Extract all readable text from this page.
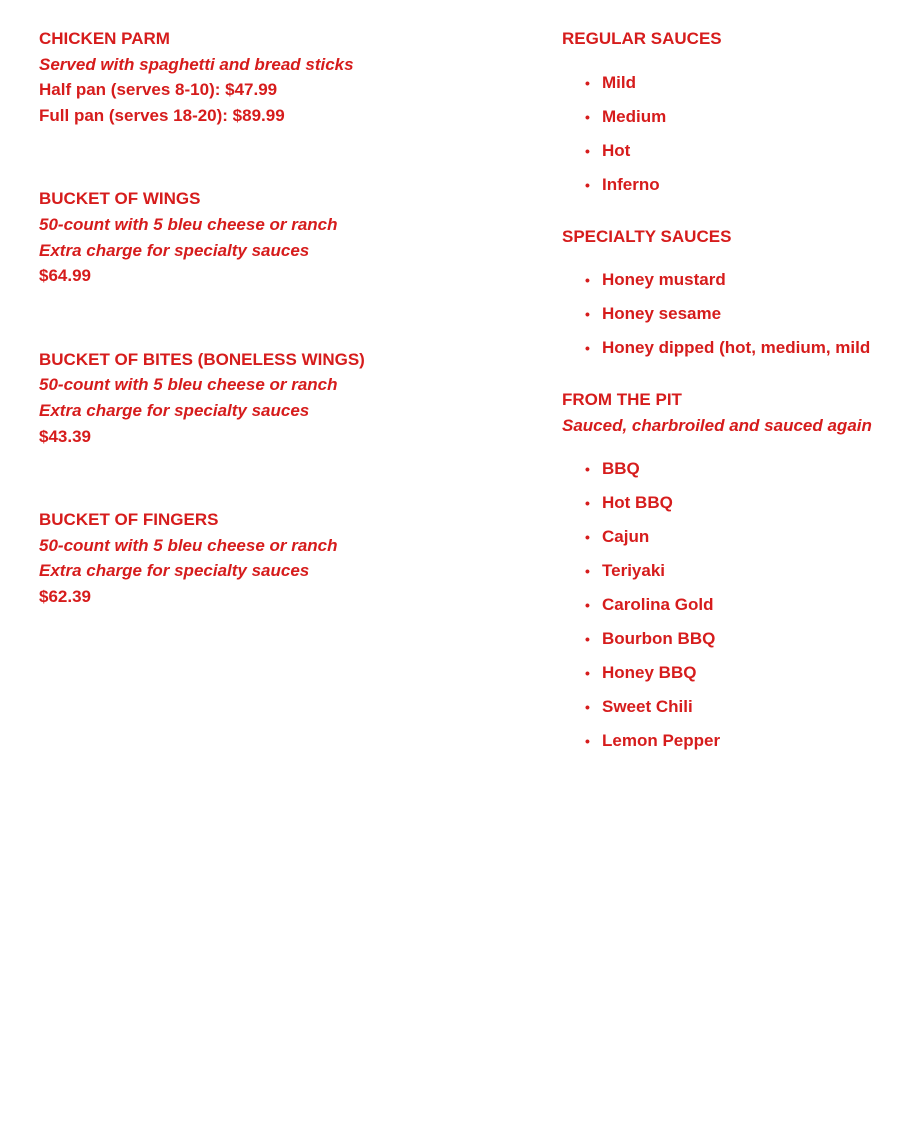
CHICKEN PARM
Served with spaghetti and bread sticks
Half pan (serves 8-10): $47.99
Full pan (serves 18-20): $89.99
BUCKET OF WINGS
50-count with 5 bleu cheese or ranch
Extra charge for specialty sauces
$64.99
BUCKET OF BITES (BONELESS WINGS)
50-count with 5 bleu cheese or ranch
Extra charge for specialty sauces
$43.39
BUCKET OF FINGERS
50-count with 5 bleu cheese or ranch
Extra charge for specialty sauces
$62.39
REGULAR SAUCES
• Mild
• Medium
• Hot
• Inferno
SPECIALTY SAUCES
• Honey mustard
• Honey sesame
• Honey dipped (hot, medium, mild
FROM THE PIT
Sauced, charbroiled and sauced again
• BBQ
• Hot BBQ
• Cajun
• Teriyaki
• Carolina Gold
• Bourbon BBQ
• Honey BBQ
• Sweet Chili
• Lemon Pepper
